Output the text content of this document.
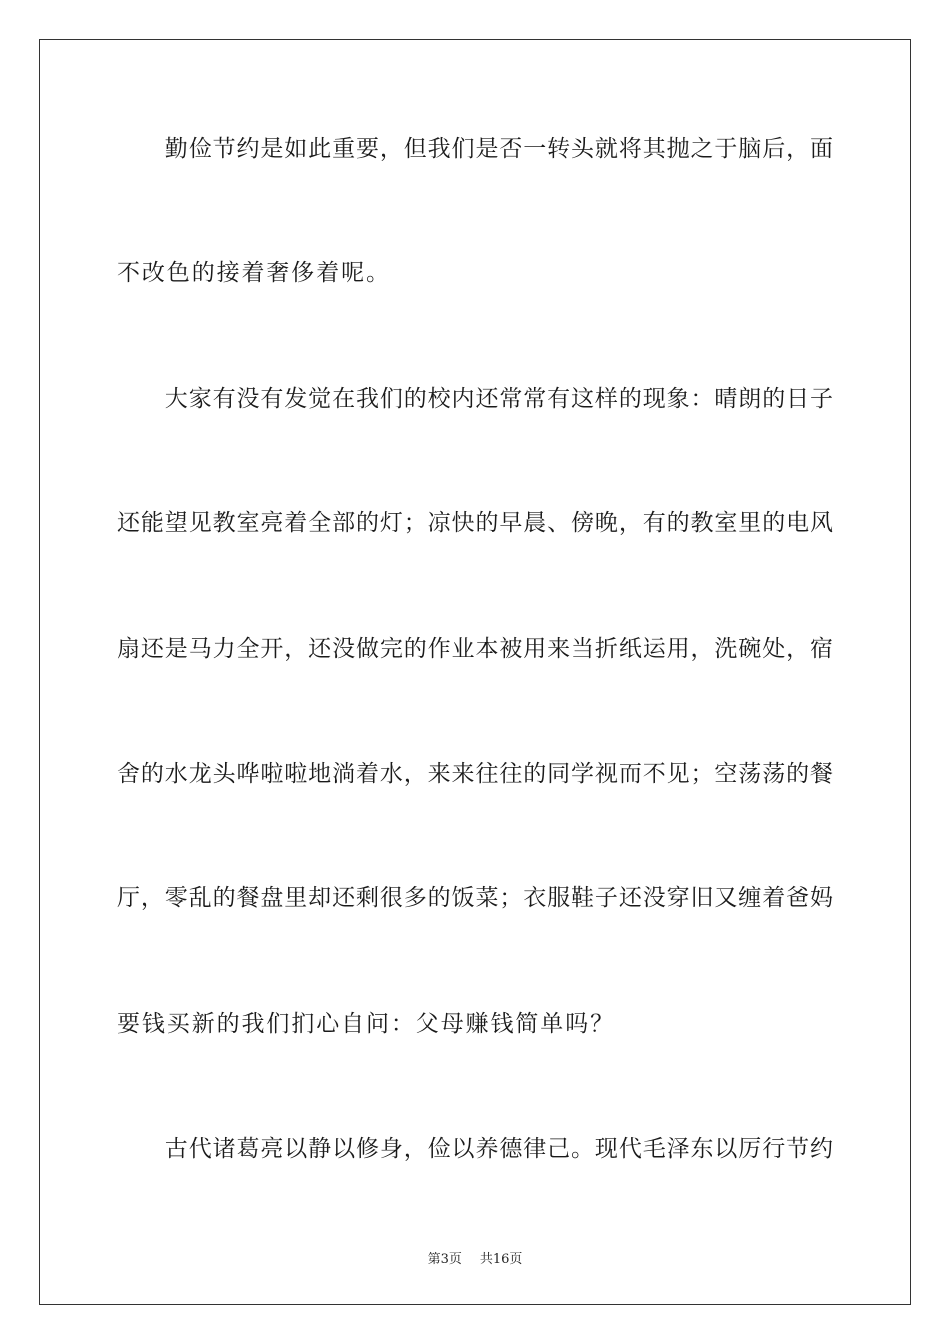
　　勤俭节约是如此重要，但我们是否一转头就将其抛之于脑后，面
不改色的接着奢侈着呢。
　　大家有没有发觉在我们的校内还常常有这样的现象：晴朗的日子
还能望见教室亮着全部的灯；凉快的早晨、傍晚，有的教室里的电风
扇还是马力全开，还没做完的作业本被用来当折纸运用，洗碗处，宿
舍的水龙头哗啦啦地淌着水，来来往往的同学视而不见；空荡荡的餐
厅，零乱的餐盘里却还剩很多的饭菜；衣服鞋子还没穿旧又缠着爸妈
要钱买新的我们扪心自问：父母赚钱简单吗？
　　古代诸葛亮以静以修身，俭以养德律己。现代毛泽东以厉行节约
第3页 共16页
